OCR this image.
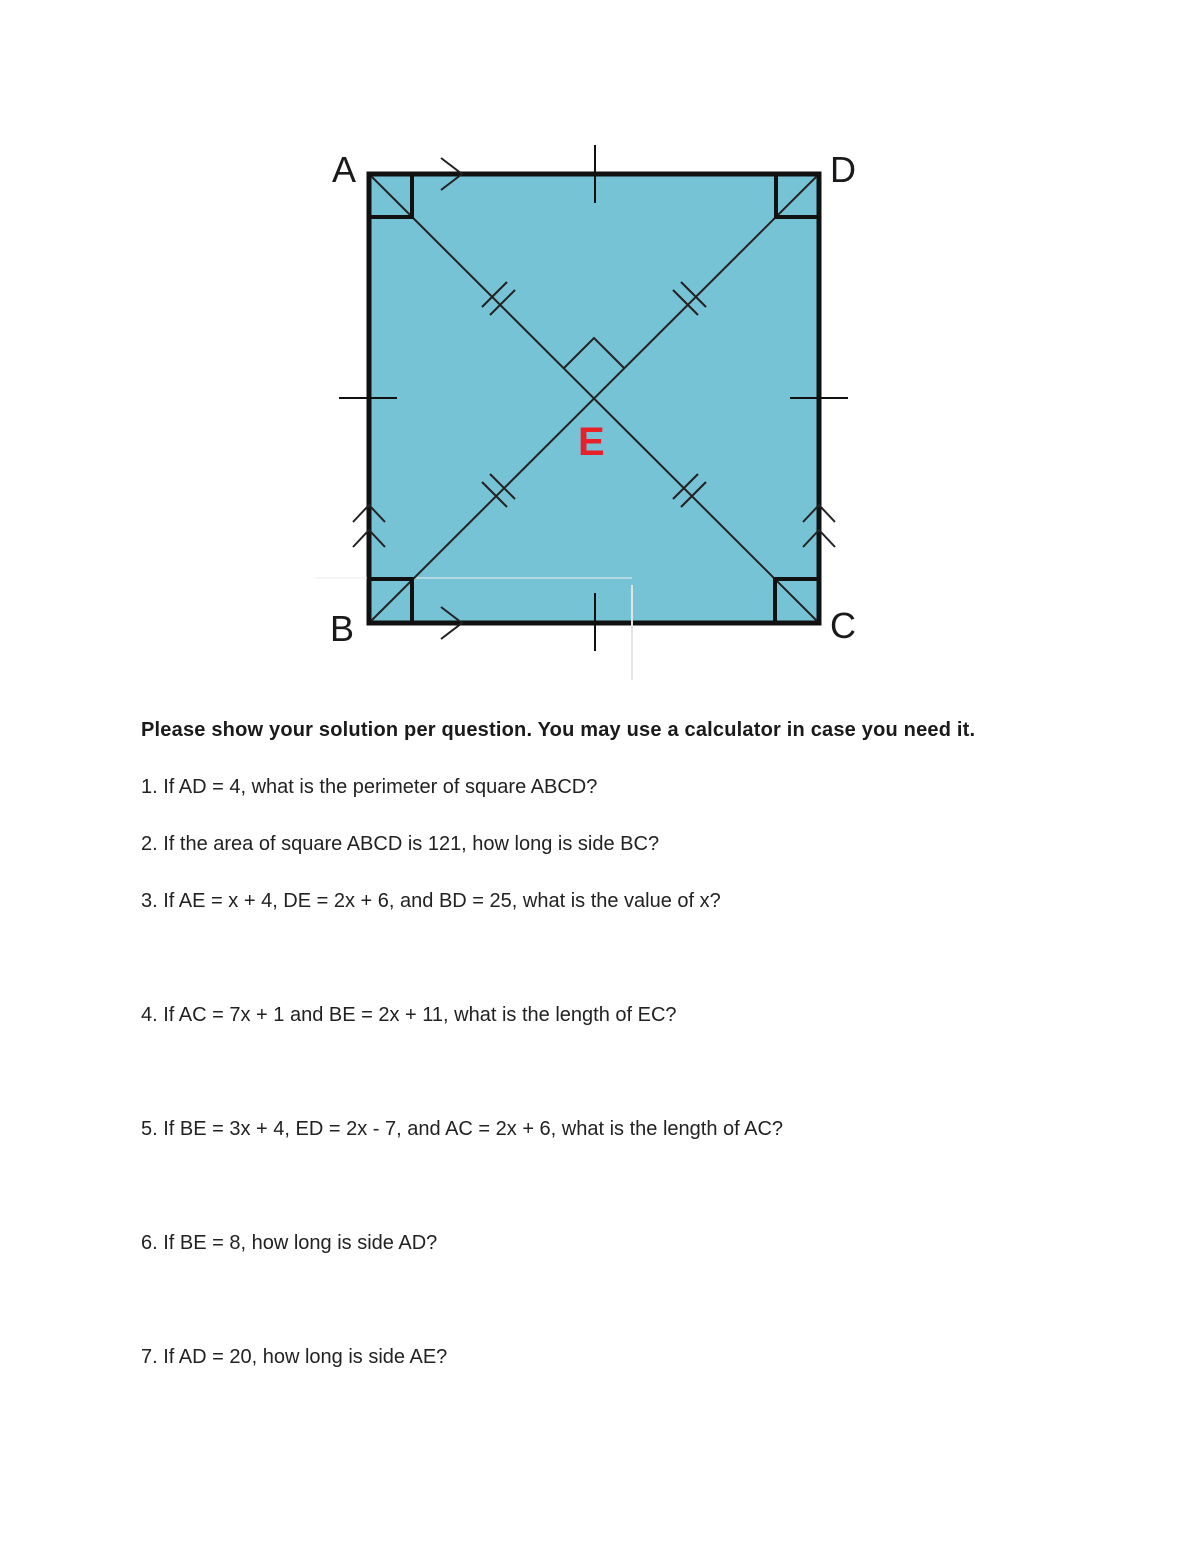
A	D
B	C
E

Please show your solution per question. You may use a calculator in case you need it.

1. If AD = 4, what is the perimeter of square ABCD?

2. If the area of square ABCD is 121, how long is side BC?

3. If AE = x + 4, DE = 2x + 6, and BD = 25, what is the value of x?

4. If AC = 7x + 1 and BE = 2x + 11, what is the length of EC?

5. If BE = 3x + 4, ED = 2x - 7, and AC = 2x + 6, what is the length of AC?

6. If BE = 8, how long is side AD?

7. If AD = 20, how long is side AE?
